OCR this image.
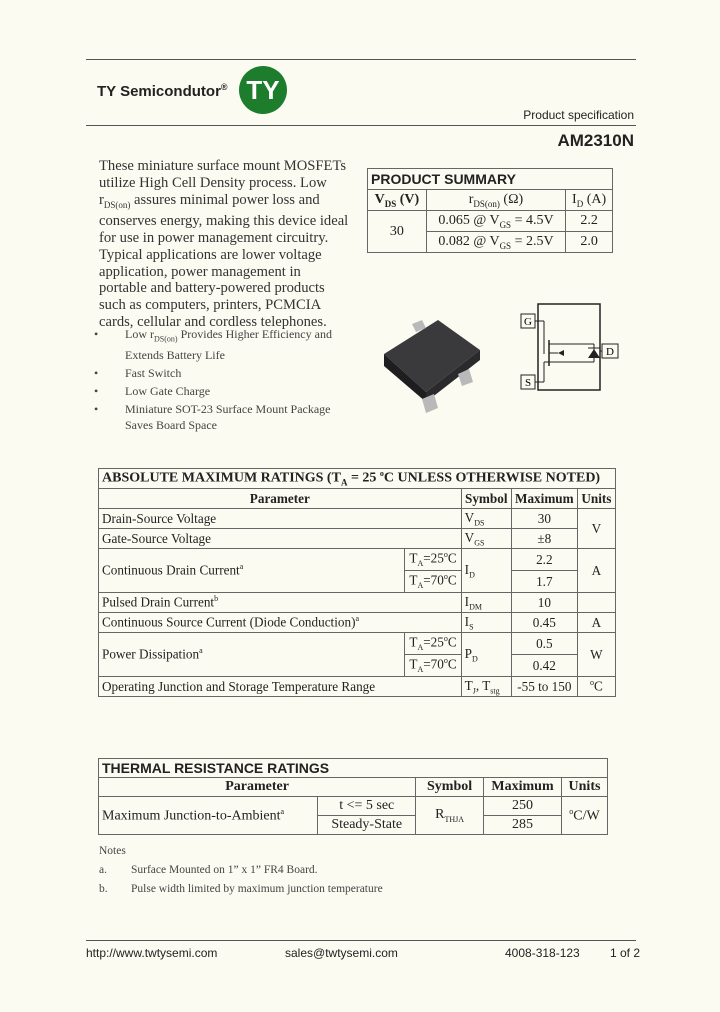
TY Semicondutor® TY
Product specification
AM2310N

These miniature surface mount MOSFETs utilize High Cell Density process. Low $r_{DS(on)}$ assures minimal power loss and conserves energy, making this device ideal for use in power management circuitry. Typical applications are lower voltage application, power management in portable and battery-powered products such as computers, printers, PCMCIA cards, cellular and cordless telephones.

• Low $r_{DS(on)}$ Provides Higher Efficiency and Extends Battery Life
• Fast Switch
• Low Gate Charge
• Miniature SOT-23 Surface Mount Package Saves Board Space
PRODUCT SUMMARY		
$V_{DS}$ (V)	$r_{DS(on)}$ (Ω)	$I_D$ (A)
30	0.065 @ $V_{GS} = 4.5V$	2.2
	0.082 @ $V_{GS} = 2.5V$	2.0
G
D
S
ABSOLUTE MAXIMUM RATINGS ($T_A = 25$ $^o$C UNLESS OTHERWISE NOTED)				
Parameter		Symbol	Maximum	Units
Drain-Source Voltage		$V_{DS}$	30	V
Gate-Source Voltage		$V_{GS}$	±8	
Continuous Drain Current$^a$	$T_A=25^oC$	$I_D$	2.2	A
	$T_A=70^oC$		1.7	
Pulsed Drain Current$^b$		$I_{DM}$	10	
Continuous Source Current (Diode Conduction)$^a$		$I_S$	0.45	A
Power Dissipation$^a$	$T_A=25^oC$	$P_D$	0.5	W
	$T_A=70^oC$		0.42	
Operating Junction and Storage Temperature Range		$T_J$, $T_{stg}$	-55 to 150	$^o$C
THERMAL RESISTANCE RATINGS				
Parameter		Symbol	Maximum	Units
Maximum Junction-to-Ambient$^a$	t <= 5 sec	$R_{THJA}$	250	$^o$C/W
	Steady-State		285	
Notes
a. Surface Mounted on 1” x 1” FR4 Board.
b. Pulse width limited by maximum junction temperature
http://www.twtysemi.com	sales@twtysemi.com	4008-318-123	1 of 2
